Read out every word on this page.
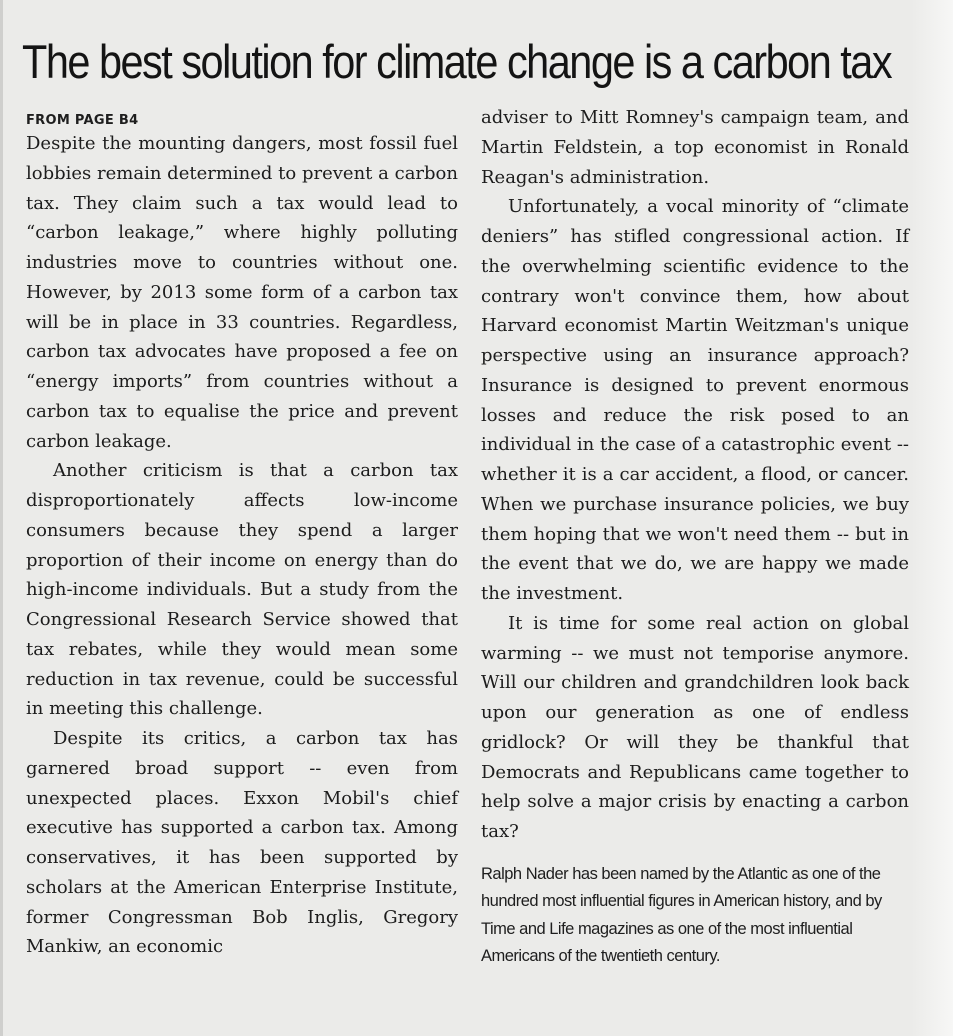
The best solution for climate change is a carbon tax
FROM PAGE B4

Despite the mounting dangers, most fossil fuel lobbies remain determined to prevent a carbon tax. They claim such a tax would lead to “carbon leakage,” where highly polluting industries move to countries without one. However, by 2013 some form of a carbon tax will be in place in 33 countries. Regardless, carbon tax advocates have proposed a fee on “energy imports” from countries without a carbon tax to equalise the price and prevent carbon leakage.

Another criticism is that a carbon tax disproportionately affects low-income consumers because they spend a larger proportion of their income on energy than do high-income individuals. But a study from the Congressional Research Service showed that tax rebates, while they would mean some reduction in tax revenue, could be successful in meeting this challenge.

Despite its critics, a carbon tax has garnered broad support -- even from unexpected places. Exxon Mobil's chief executive has supported a carbon tax. Among conservatives, it has been supported by scholars at the American Enterprise Institute, former Congressman Bob Inglis, Gregory Mankiw, an economic

adviser to Mitt Romney's campaign team, and Martin Feldstein, a top economist in Ronald Reagan's administration.

Unfortunately, a vocal minority of “climate deniers” has stifled congressional action. If the overwhelming scientific evidence to the contrary won't convince them, how about Harvard economist Martin Weitzman's unique perspective using an insurance approach? Insurance is designed to prevent enormous losses and reduce the risk posed to an individual in the case of a catastrophic event -- whether it is a car accident, a flood, or cancer. When we purchase insurance policies, we buy them hoping that we won't need them -- but in the event that we do, we are happy we made the investment.

It is time for some real action on global warming -- we must not temporise anymore. Will our children and grandchildren look back upon our generation as one of endless gridlock? Or will they be thankful that Democrats and Republicans came together to help solve a major crisis by enacting a carbon tax?

Ralph Nader has been named by the Atlantic as one of the hundred most influential figures in American history, and by Time and Life magazines as one of the most influential Americans of the twentieth century.
